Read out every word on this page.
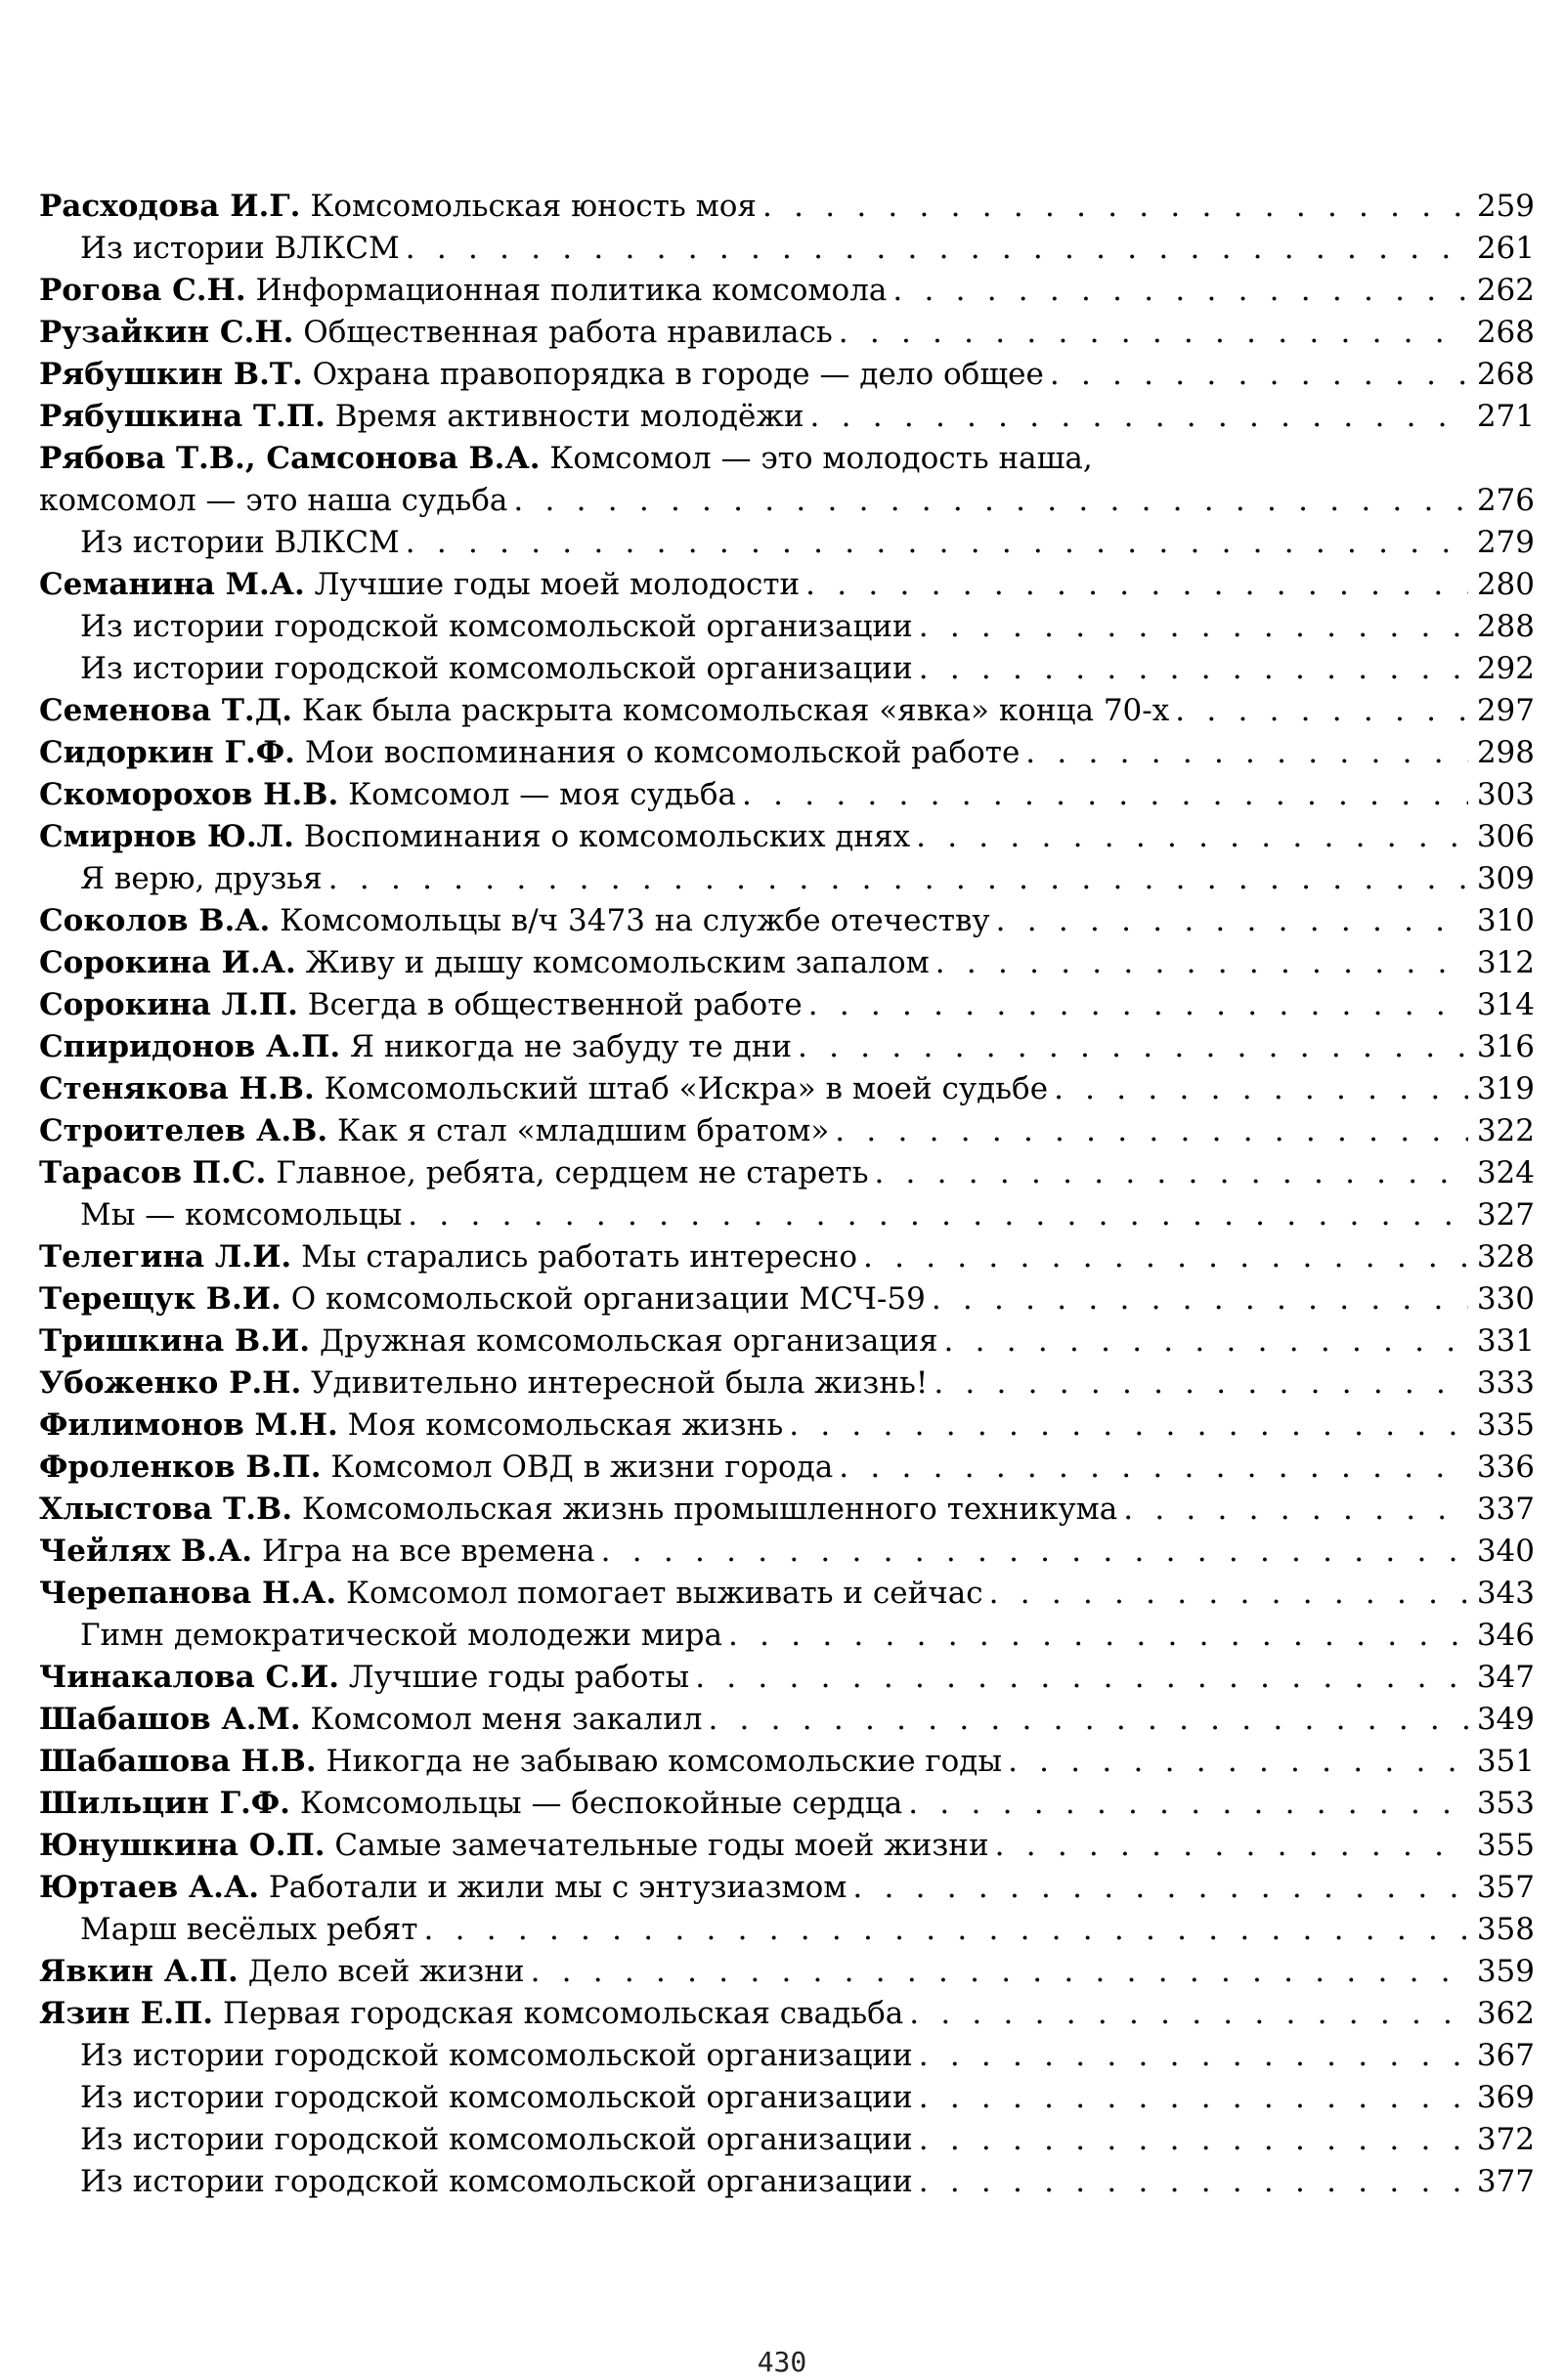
Расходова И.Г. Комсомольская юность моя . . .	259
Из истории ВЛКСМ . . .	261
Рогова С.Н. Информационная политика комсомола . . .	262
Рузайкин С.Н. Общественная работа нравилась . . .	268
Рябушкин В.Т. Охрана правопорядка в городе — дело общее . . .	268
Рябушкина Т.П. Время активности молодёжи . . .	271
Рябова Т.В., Самсонова В.А. Комсомол — это молодость наша,
комсомол — это наша судьба . . .	276
Из истории ВЛКСМ . . .	279
Семанина М.А. Лучшие годы моей молодости . . .	280
Из истории городской комсомольской организации . . .	288
Из истории городской комсомольской организации . . .	292
Семенова Т.Д. Как была раскрыта комсомольская «явка» конца 70-х . . .	297
Сидоркин Г.Ф. Мои воспоминания о комсомольской работе . . .	298
Скоморохов Н.В. Комсомол — моя судьба . . .	303
Смирнов Ю.Л. Воспоминания о комсомольских днях . . .	306
Я верю, друзья . . .	309
Соколов В.А. Комсомольцы в/ч 3473 на службе отечеству . . .	310
Сорокина И.А. Живу и дышу комсомольским запалом . . .	312
Сорокина Л.П. Всегда в общественной работе . . .	314
Спиридонов А.П. Я никогда не забуду те дни . . .	316
Стенякова Н.В. Комсомольский штаб «Искра» в моей судьбе . . .	319
Строителев А.В. Как я стал «младшим братом» . . .	322
Тарасов П.С. Главное, ребята, сердцем не стареть . . .	324
Мы — комсомольцы . . .	327
Телегина Л.И. Мы старались работать интересно . . .	328
Терещук В.И. О комсомольской организации МСЧ-59 . . .	330
Тришкина В.И. Дружная комсомольская организация . . .	331
Убоженко Р.Н. Удивительно интересной была жизнь! . . .	333
Филимонов М.Н. Моя комсомольская жизнь . . .	335
Фроленков В.П. Комсомол ОВД в жизни города . . .	336
Хлыстова Т.В. Комсомольская жизнь промышленного техникума . . .	337
Чейлях В.А. Игра на все времена . . .	340
Черепанова Н.А. Комсомол помогает выживать и сейчас . . .	343
Гимн демократической молодежи мира . . .	346
Чинакалова С.И. Лучшие годы работы . . .	347
Шабашов А.М. Комсомол меня закалил . . .	349
Шабашова Н.В. Никогда не забываю комсомольские годы . . .	351
Шильцин Г.Ф. Комсомольцы — беспокойные сердца . . .	353
Юнушкина О.П. Самые замечательные годы моей жизни . . .	355
Юртаев А.А. Работали и жили мы с энтузиазмом . . .	357
Марш весёлых ребят . . .	358
Явкин А.П. Дело всей жизни . . .	359
Язин Е.П. Первая городская комсомольская свадьба . . .	362
Из истории городской комсомольской организации . . .	367
Из истории городской комсомольской организации . . .	369
Из истории городской комсомольской организации . . .	372
Из истории городской комсомольской организации . . .	377
430
